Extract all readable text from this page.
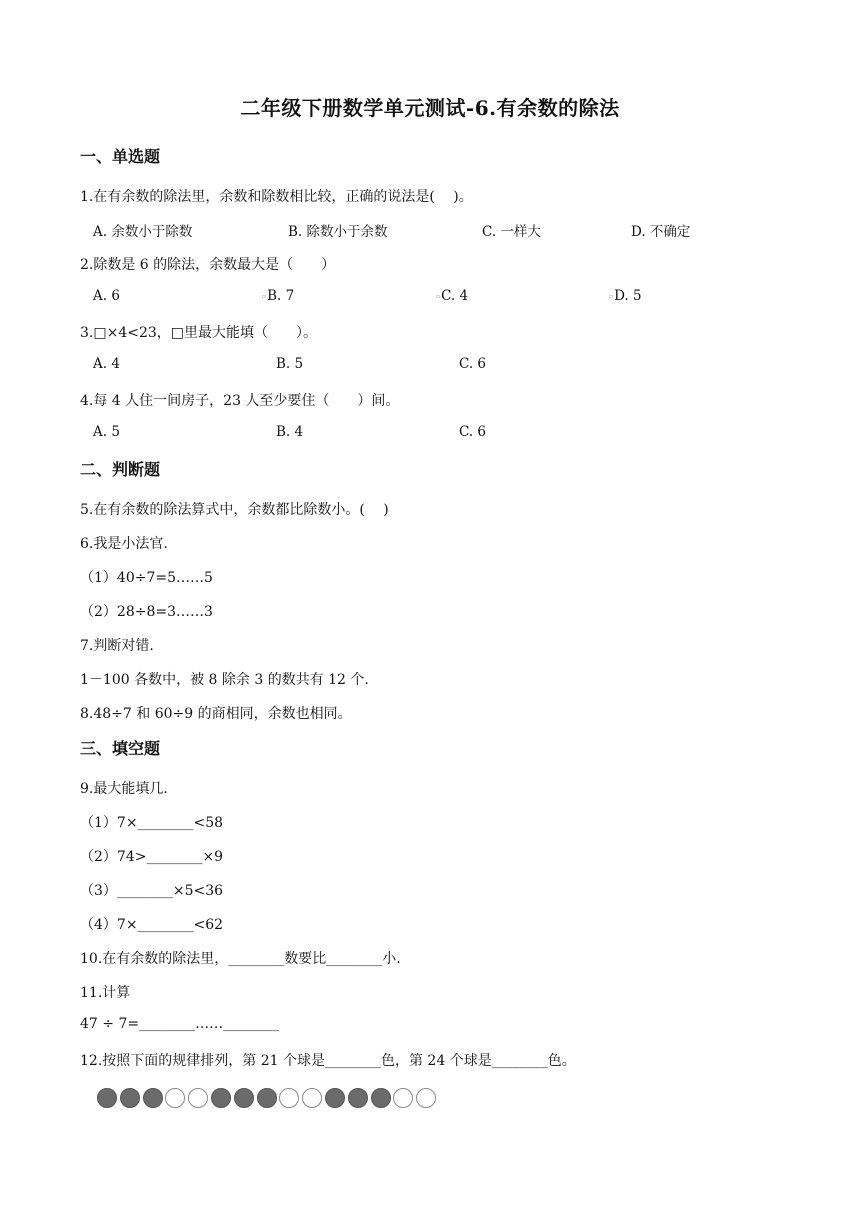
二年级下册数学单元测试-6.有余数的除法
一、单选题
1.在有余数的除法里，余数和除数相比较，正确的说法是(　 )。
A. 余数小于除数	B. 除数小于余数	C. 一样大	D. 不确定
2.除数是 6 的除法，余数最大是（　　）
A. 6	▫B. 7	▫C. 4	▫D. 5
3.□×4<23，□里最大能填（　　）。
A. 4	B. 5	C. 6
4.每 4 人住一间房子，23 人至少要住（　　）间。
A. 5	B. 4	C. 6
二、判断题
5.在有余数的除法算式中，余数都比除数小。(　 )
6.我是小法官.
（1）40÷7=5……5
（2）28÷8=3……3
7.判断对错.
1－100 各数中，被 8 除余 3 的数共有 12 个.
8.48÷7 和 60÷9 的商相同，余数也相同。
三、填空题
9.最大能填几.
（1）7×________<58
（2）74>________×9
（3）________×5<36
（4）7×________<62
10.在有余数的除法里，________数要比________小.
11.计算
47 ÷ 7=________……________
12.按照下面的规律排列，第 21 个球是________色，第 24 个球是________色。
